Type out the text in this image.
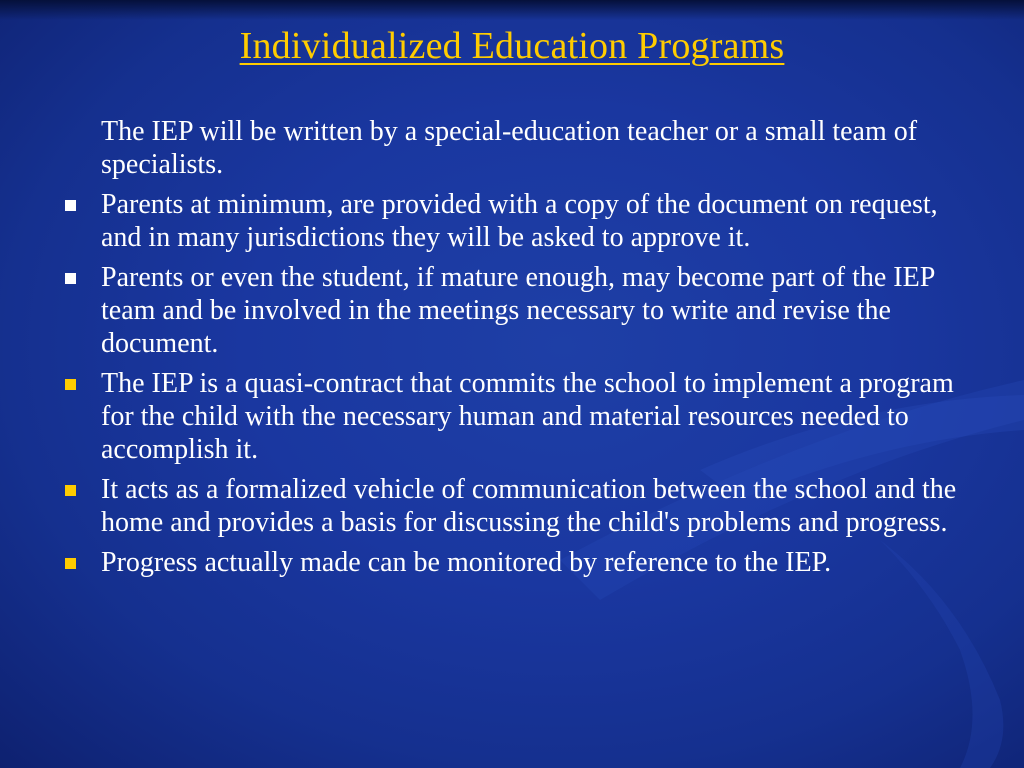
Individualized Education Programs
The IEP will be written by a special-education teacher or a small team of specialists.
Parents at minimum, are provided with a copy of the document on request, and in many jurisdictions they will be asked to approve it.
Parents or even the student, if mature enough, may become part of the IEP team and be involved in the meetings necessary to write and revise the document.
The IEP is a quasi-contract that commits the school to implement a program for the child with the necessary human and material resources needed to accomplish it.
It acts as a formalized vehicle of communication between the school and the home and provides a basis for discussing the child's problems and progress.
Progress actually made can be monitored by reference to the IEP.
